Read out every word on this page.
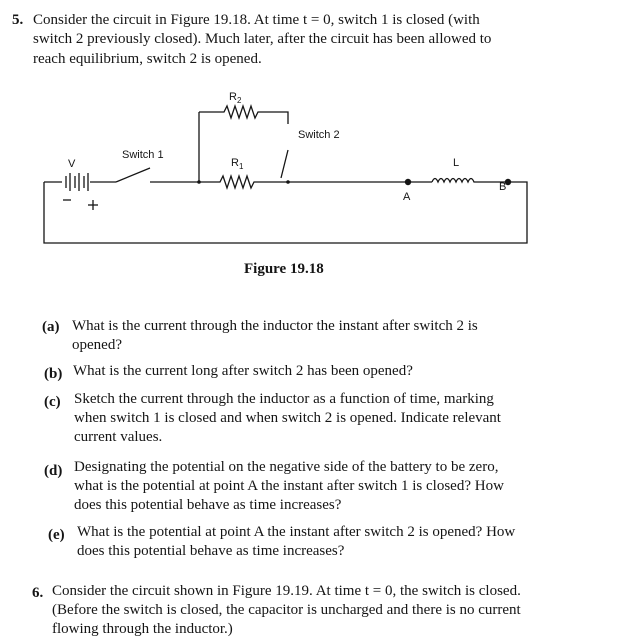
5. Consider the circuit in Figure 19.18. At time t = 0, switch 1 is closed (with
switch 2 previously closed). Much later, after the circuit has been allowed to
reach equilibrium, switch 2 is opened.
V
Switch 1
$R_2$
$R_1$
Switch 2
A
L
B
Figure 19.18
(a) What is the current through the inductor the instant after switch 2 is
opened?
(b) What is the current long after switch 2 has been opened?
(c) Sketch the current through the inductor as a function of time, marking
when switch 1 is closed and when switch 2 is opened. Indicate relevant
current values.
(d) Designating the potential on the negative side of the battery to be zero,
what is the potential at point A the instant after switch 1 is closed? How
does this potential behave as time increases?
(e) What is the potential at point A the instant after switch 2 is opened? How
does this potential behave as time increases?
6. Consider the circuit shown in Figure 19.19. At time t = 0, the switch is closed.
(Before the switch is closed, the capacitor is uncharged and there is no current
flowing through the inductor.)
